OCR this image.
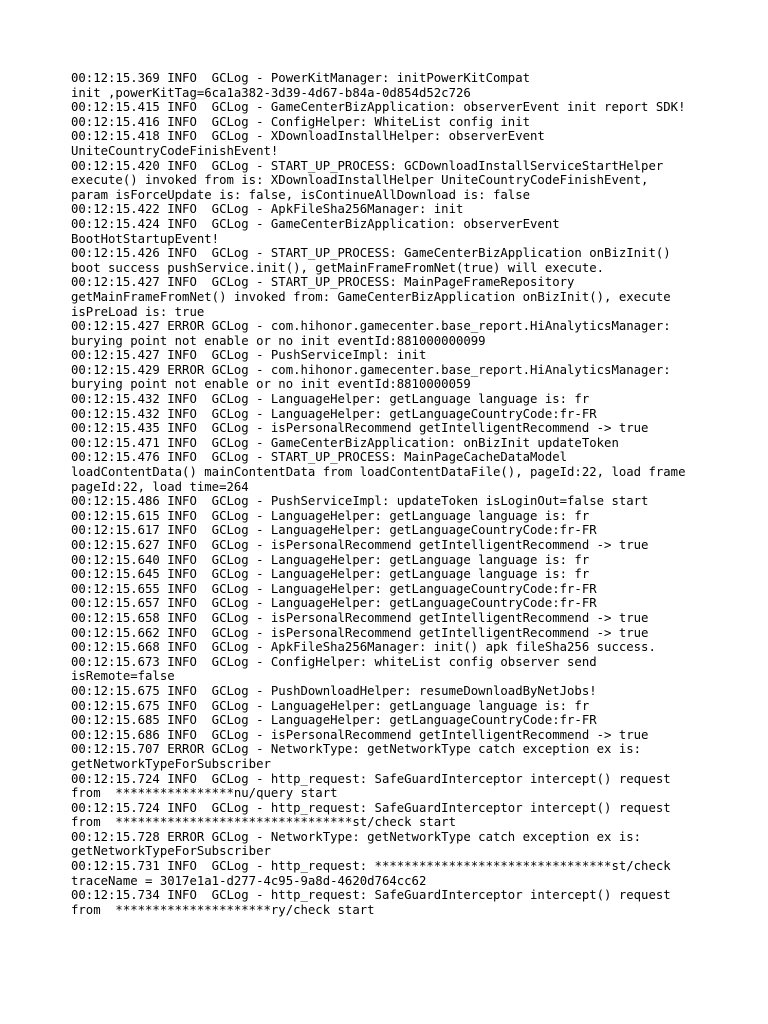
00:12:15.369 INFO  GCLog - PowerKitManager: initPowerKitCompat
init ,powerKitTag=6ca1a382-3d39-4d67-b84a-0d854d52c726
00:12:15.415 INFO  GCLog - GameCenterBizApplication: observerEvent init report SDK!
00:12:15.416 INFO  GCLog - ConfigHelper: WhiteList config init
00:12:15.418 INFO  GCLog - XDownloadInstallHelper: observerEvent
UniteCountryCodeFinishEvent!
00:12:15.420 INFO  GCLog - START_UP_PROCESS: GCDownloadInstallServiceStartHelper
execute() invoked from is: XDownloadInstallHelper UniteCountryCodeFinishEvent,
param isForceUpdate is: false, isContinueAllDownload is: false
00:12:15.422 INFO  GCLog - ApkFileSha256Manager: init
00:12:15.424 INFO  GCLog - GameCenterBizApplication: observerEvent
BootHotStartupEvent!
00:12:15.426 INFO  GCLog - START_UP_PROCESS: GameCenterBizApplication onBizInit()
boot success pushService.init(), getMainFrameFromNet(true) will execute.
00:12:15.427 INFO  GCLog - START_UP_PROCESS: MainPageFrameRepository
getMainFrameFromNet() invoked from: GameCenterBizApplication onBizInit(), execute
isPreLoad is: true
00:12:15.427 ERROR GCLog - com.hihonor.gamecenter.base_report.HiAnalyticsManager:
burying point not enable or no init eventId:881000000099
00:12:15.427 INFO  GCLog - PushServiceImpl: init
00:12:15.429 ERROR GCLog - com.hihonor.gamecenter.base_report.HiAnalyticsManager:
burying point not enable or no init eventId:8810000059
00:12:15.432 INFO  GCLog - LanguageHelper: getLanguage language is: fr
00:12:15.432 INFO  GCLog - LanguageHelper: getLanguageCountryCode:fr-FR
00:12:15.435 INFO  GCLog - isPersonalRecommend getIntelligentRecommend -> true
00:12:15.471 INFO  GCLog - GameCenterBizApplication: onBizInit updateToken
00:12:15.476 INFO  GCLog - START_UP_PROCESS: MainPageCacheDataModel
loadContentData() mainContentData from loadContentDataFile(), pageId:22, load frame
pageId:22, load time=264
00:12:15.486 INFO  GCLog - PushServiceImpl: updateToken isLoginOut=false start
00:12:15.615 INFO  GCLog - LanguageHelper: getLanguage language is: fr
00:12:15.617 INFO  GCLog - LanguageHelper: getLanguageCountryCode:fr-FR
00:12:15.627 INFO  GCLog - isPersonalRecommend getIntelligentRecommend -> true
00:12:15.640 INFO  GCLog - LanguageHelper: getLanguage language is: fr
00:12:15.645 INFO  GCLog - LanguageHelper: getLanguage language is: fr
00:12:15.655 INFO  GCLog - LanguageHelper: getLanguageCountryCode:fr-FR
00:12:15.657 INFO  GCLog - LanguageHelper: getLanguageCountryCode:fr-FR
00:12:15.658 INFO  GCLog - isPersonalRecommend getIntelligentRecommend -> true
00:12:15.662 INFO  GCLog - isPersonalRecommend getIntelligentRecommend -> true
00:12:15.668 INFO  GCLog - ApkFileSha256Manager: init() apk fileSha256 success.
00:12:15.673 INFO  GCLog - ConfigHelper: whiteList config observer send
isRemote=false
00:12:15.675 INFO  GCLog - PushDownloadHelper: resumeDownloadByNetJobs!
00:12:15.675 INFO  GCLog - LanguageHelper: getLanguage language is: fr
00:12:15.685 INFO  GCLog - LanguageHelper: getLanguageCountryCode:fr-FR
00:12:15.686 INFO  GCLog - isPersonalRecommend getIntelligentRecommend -> true
00:12:15.707 ERROR GCLog - NetworkType: getNetworkType catch exception ex is:
getNetworkTypeForSubscriber
00:12:15.724 INFO  GCLog - http_request: SafeGuardInterceptor intercept() request
from  ****************nu/query start
00:12:15.724 INFO  GCLog - http_request: SafeGuardInterceptor intercept() request
from  ********************************st/check start
00:12:15.728 ERROR GCLog - NetworkType: getNetworkType catch exception ex is:
getNetworkTypeForSubscriber
00:12:15.731 INFO  GCLog - http_request: ********************************st/check
traceName = 3017e1a1-d277-4c95-9a8d-4620d764cc62
00:12:15.734 INFO  GCLog - http_request: SafeGuardInterceptor intercept() request
from  *********************ry/check start
